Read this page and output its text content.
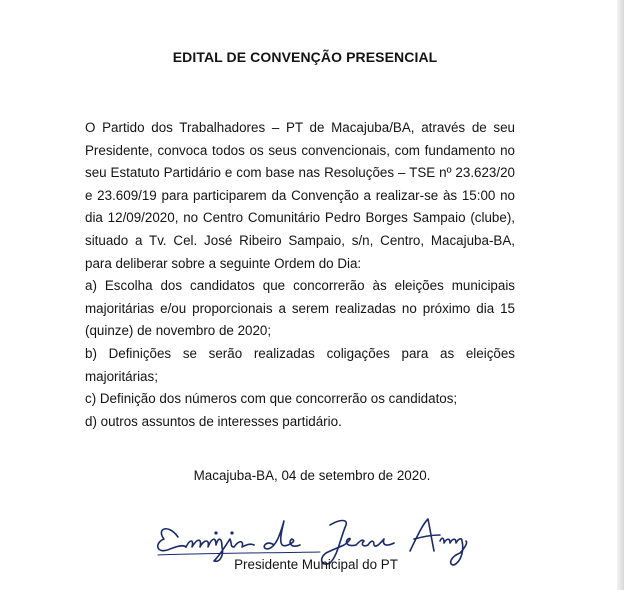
EDITAL DE CONVENÇÃO PRESENCIAL

O Partido dos Trabalhadores – PT de Macajuba/BA, através de seu Presidente, convoca todos os seus convencionais, com fundamento no seu Estatuto Partidário e com base nas Resoluções – TSE nº 23.623/20 e 23.609/19 para participarem da Convenção a realizar-se às 15:00 no dia 12/09/2020, no Centro Comunitário Pedro Borges Sampaio (clube), situado a Tv. Cel. José Ribeiro Sampaio, s/n, Centro, Macajuba-BA, para deliberar sobre a seguinte Ordem do Dia:

a) Escolha dos candidatos que concorrerão às eleições municipais majoritárias e/ou proporcionais a serem realizadas no próximo dia 15 (quinze) de novembro de 2020;

b) Definições se serão realizadas coligações para as eleições majoritárias;

c) Definição dos números com que concorrerão os candidatos;

d) outros assuntos de interesses partidário.

Macajuba-BA, 04 de setembro de 2020.
Presidente Municipal do PT
